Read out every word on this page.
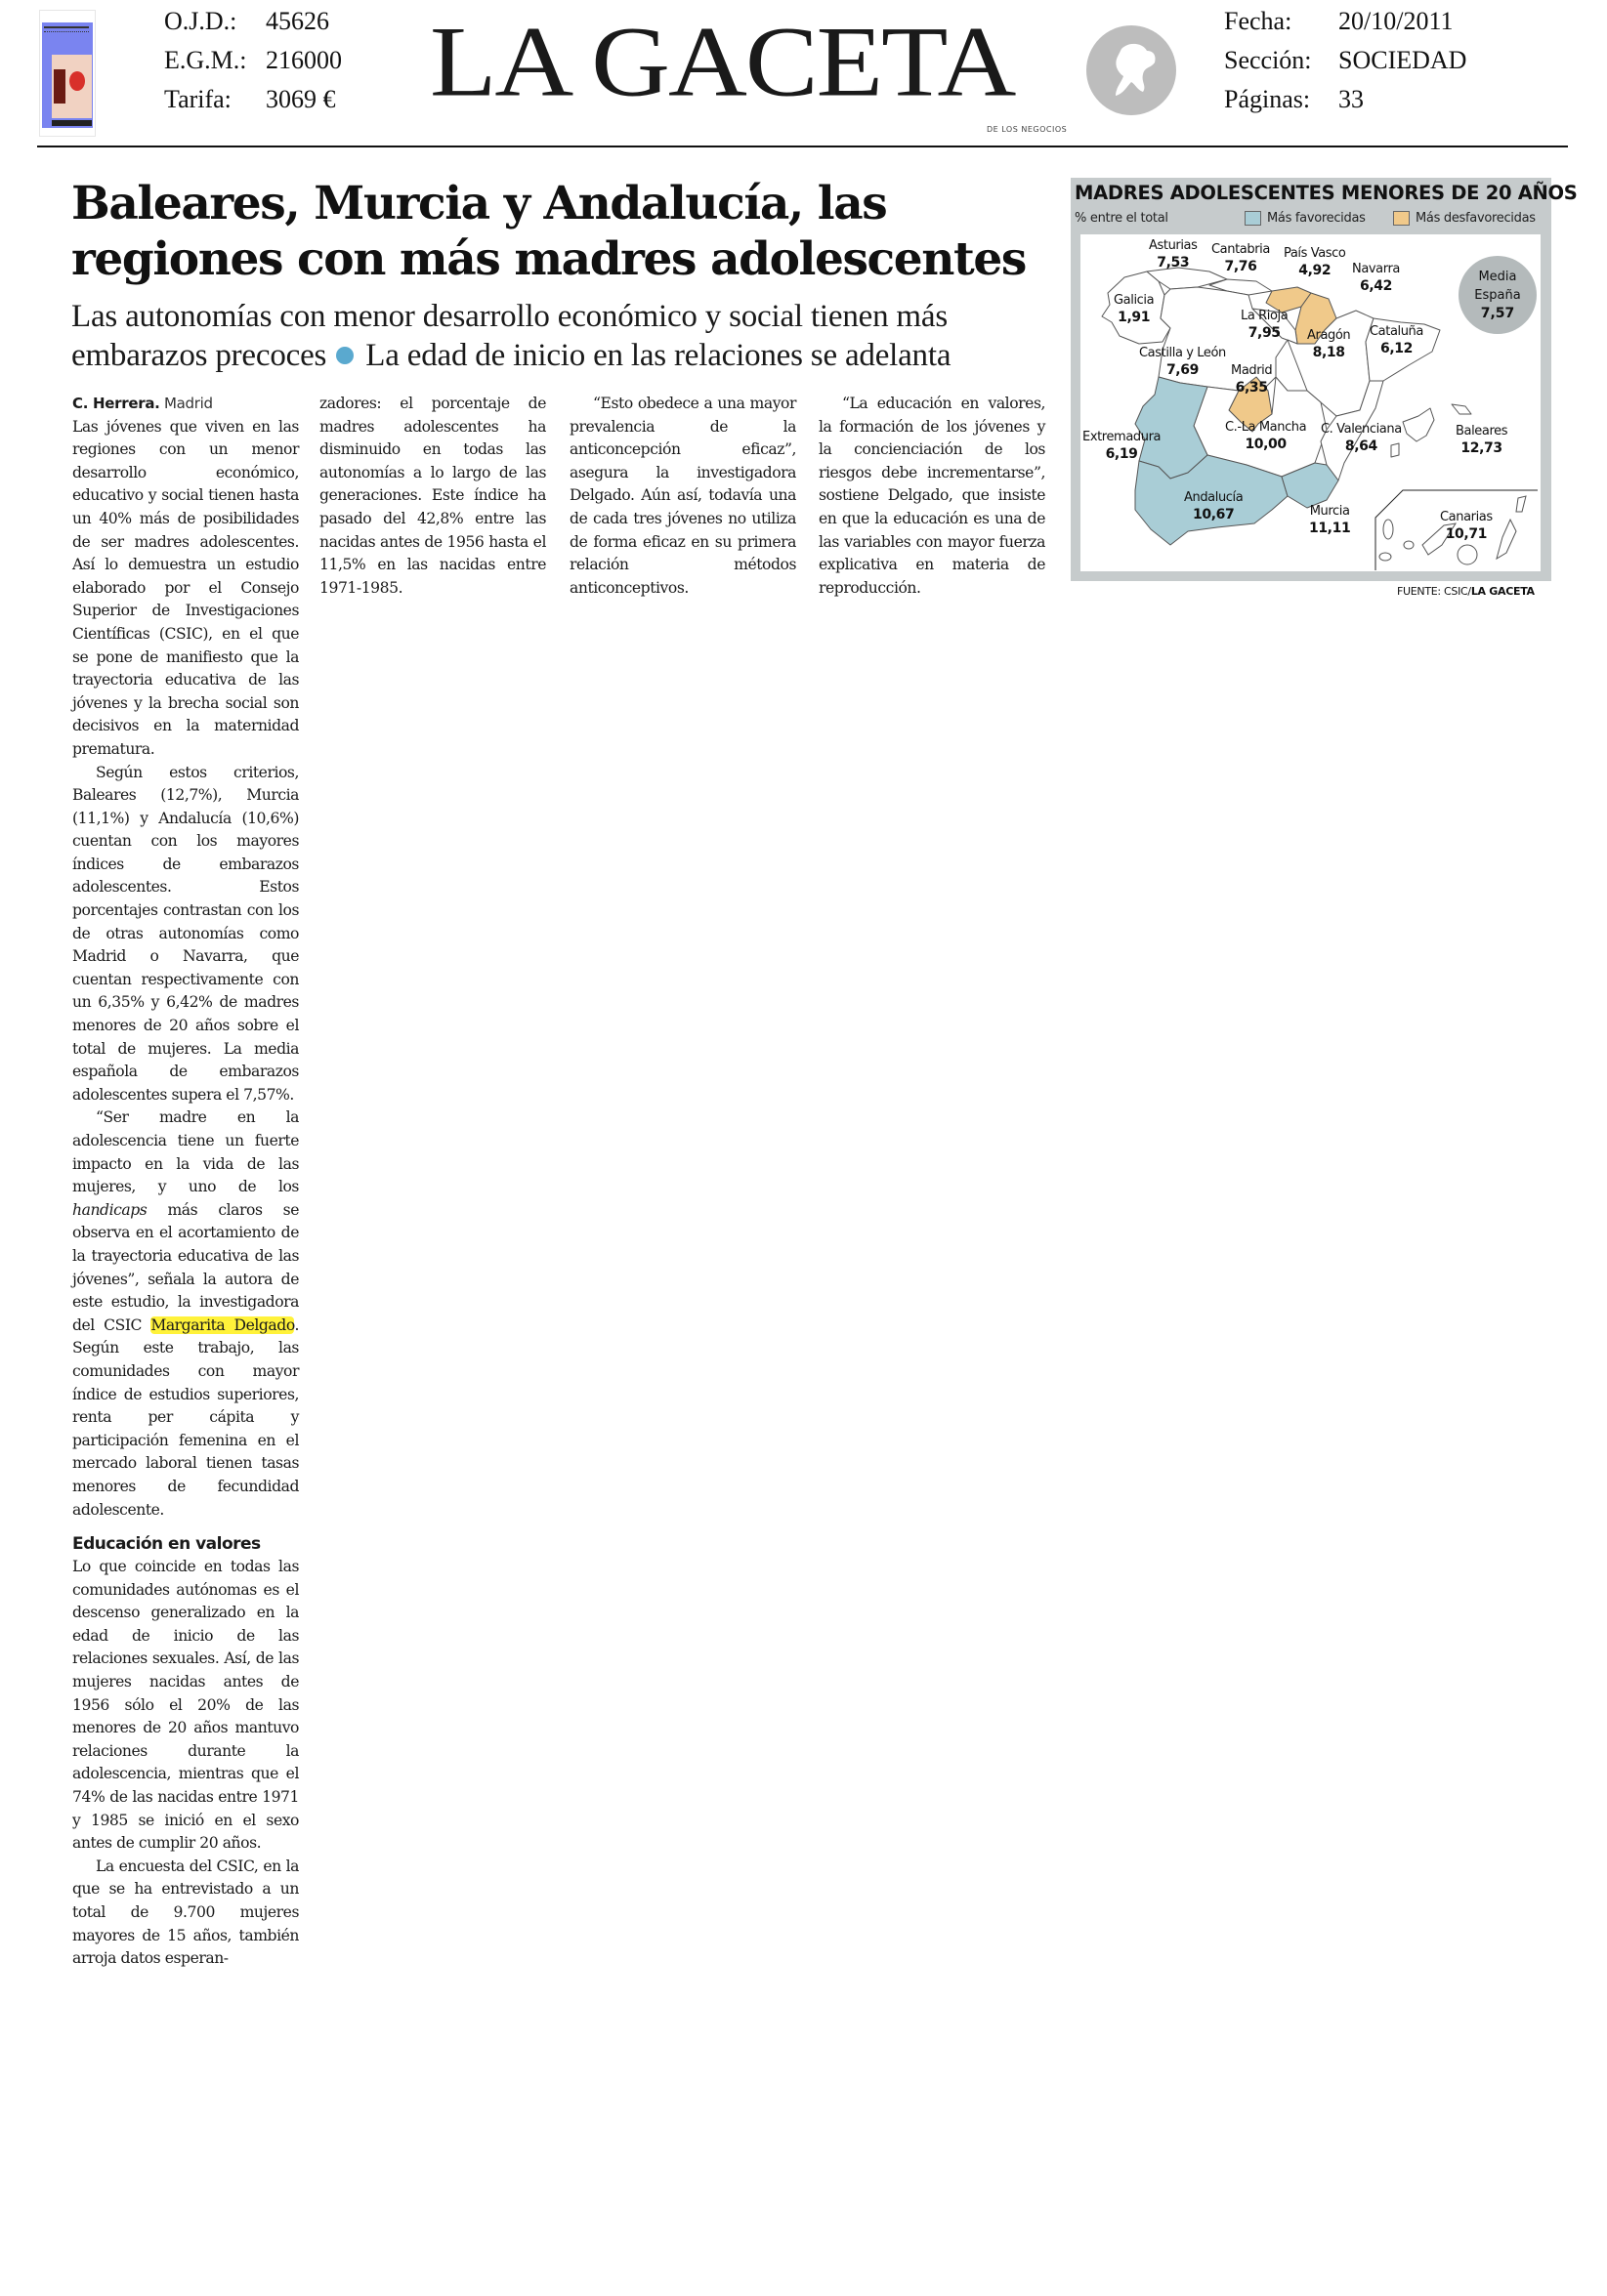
O.J.D.:	45626
E.G.M.: 216000
Tarifa:	3069 € LA GACETA
DE LOS NEGOCIOS
Fecha:	20/10/2011
Sección:	SOCIEDAD
Páginas:	33
Baleares, Murcia y Andalucía, las
regiones con más madres adolescentes
Las autonomías con menor desarrollo económico y social tienen más embarazos precoces La edad de inicio en las relaciones se adelanta

C. Herrera. Madrid

Las jóvenes que viven en las regiones con un menor desarrollo económico, educativo y social tienen hasta un 40% más de posibilidades de ser madres adolescentes. Así lo demuestra un estudio elaborado por el Consejo Superior de Investigaciones Científicas (CSIC), en el que se pone de manifiesto que la trayectoria educativa de las jóvenes y la brecha social son decisivos en la maternidad prematura.

Según estos criterios, Baleares (12,7%), Murcia (11,1%) y Andalucía (10,6%) cuentan con los mayores índices de embarazos adolescentes. Estos porcentajes contrastan con los de otras autonomías como Madrid o Navarra, que cuentan respectivamente con un 6,35% y 6,42% de madres menores de 20 años sobre el total de mujeres. La media española de embarazos adolescentes supera el 7,57%.

“Ser madre en la adolescencia tiene un fuerte impacto en la vida de las mujeres, y uno de los handicaps más claros se observa en el acortamiento de la trayectoria educativa de las jóvenes”, señala la autora de este estudio, la investigadora del CSIC Margarita Delgado. Según este trabajo, las comunidades con mayor índice de estudios superiores, renta per cápita y participación femenina en el mercado laboral tienen tasas menores de fecundidad adolescente.

Educación en valores

Lo que coincide en todas las comunidades autónomas es el descenso generalizado en la edad de inicio de las relaciones sexuales. Así, de las mujeres nacidas antes de 1956 sólo el 20% de las menores de 20 años mantuvo relaciones durante la adolescencia, mientras que el 74% de las nacidas entre 1971 y 1985 se inició en el sexo antes de cumplir 20 años.

La encuesta del CSIC, en la que se ha entrevistado a un total de 9.700 mujeres mayores de 15 años, también arroja datos esperan-

zadores: el porcentaje de madres adolescentes ha disminuido en todas las autonomías a lo largo de las generaciones. Este índice ha pasado del 42,8% entre las nacidas antes de 1956 hasta el 11,5% en las nacidas entre 1971-1985.

“Esto obedece a una mayor prevalencia de la anticoncepción eficaz”, asegura la investigadora Delgado. Aún así, todavía una de cada tres jóvenes no utiliza de forma eficaz en su primera relación métodos anticonceptivos.

“La educación en valores, la formación de los jóvenes y la concienciación de los riesgos debe incrementarse”, sostiene Delgado, que insiste en que la educación es una de las variables con mayor fuerza explicativa en materia de reproducción.

MADRES ADOLESCENTES MENORES DE 20 AÑOS
% entre el total	Más favorecidas	Más desfavorecidas
Asturias
7,53
Cantabria
7,76
País Vasco
4,92	Navarra
6,42
Galicia
1,91	La Rioja
7,95	Aragón
8,18
Cataluña
6,12
Castilla y León
7,69	Madrid
6,35
Extremadura
6,19
C.-La Mancha
10,00
C. Valenciana
8,64
Baleares
12,73
Andalucía
10,67	Murcia
11,11
Canarias
10,71
Media
España
7,57
FUENTE: CSIC/LA GACETA
